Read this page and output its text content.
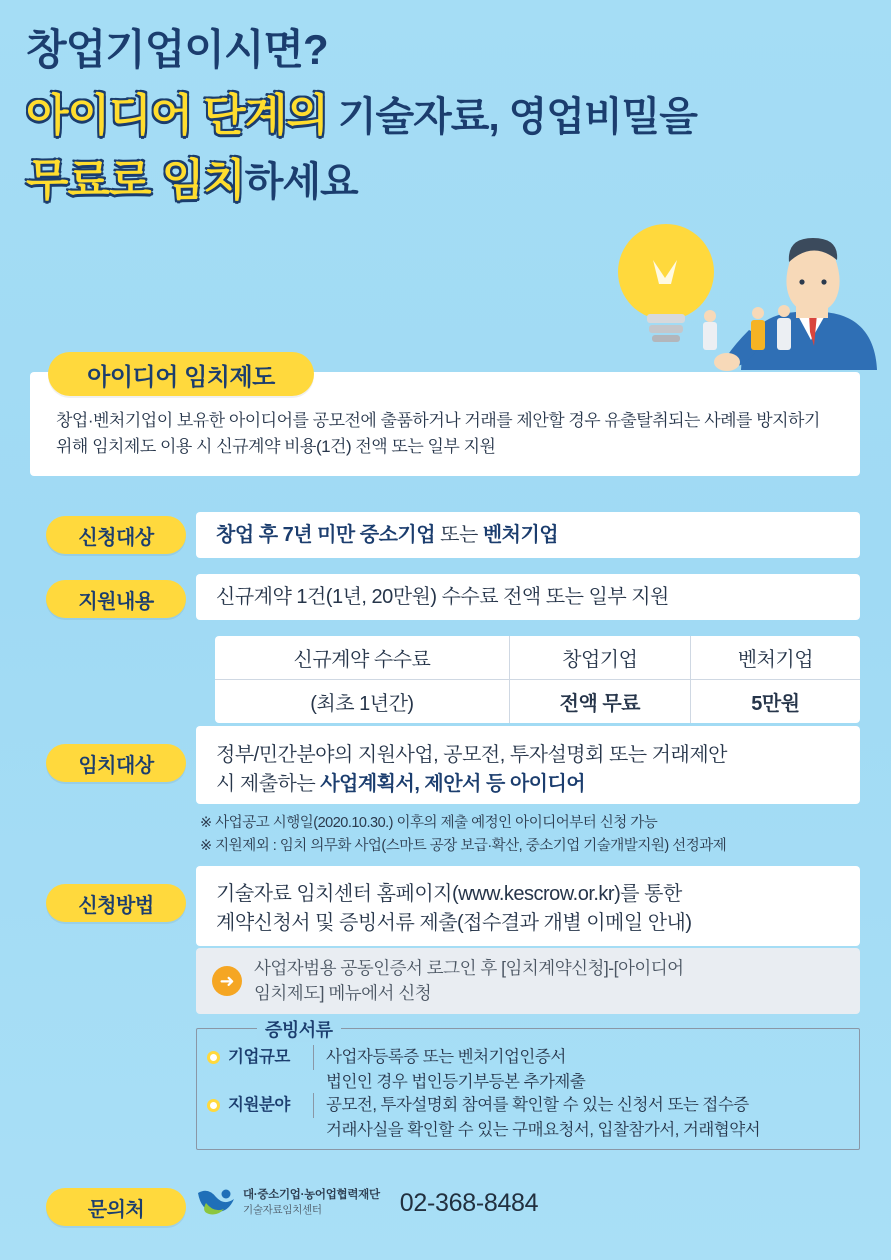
창업기업이시면?
아이디어 단계의 기술자료, 영업비밀을
무료로 임치하세요
아이디어 임치제도
창업·벤처기업이 보유한 아이디어를 공모전에 출품하거나 거래를 제안할 경우 유출탈취되는 사례를 방지하기 위해 임치제도 이용 시 신규계약 비용(1건) 전액 또는 일부 지원
신청대상	창업 후 7년 미만 중소기업 또는 벤처기업
지원내용	신규계약 1건(1년, 20만원) 수수료 전액 또는 일부 지원
신규계약 수수료	창업기업	벤처기업
(최초 1년간)	전액 무료	5만원
임치대상	정부/민간분야의 지원사업, 공모전, 투자설명회 또는 거래제안
시 제출하는 사업계획서, 제안서 등 아이디어
※ 사업공고 시행일(2020.10.30.) 이후의 제출 예정인 아이디어부터 신청 가능
※ 지원제외 : 임치 의무화 사업(스마트 공장 보급·확산, 중소기업 기술개발지원) 선정과제
신청방법
기술자료 임치센터 홈페이지(www.kescrow.or.kr)를 통한
계약신청서 및 증빙서류 제출(접수결과 개별 이메일 안내)
➜
사업자범용 공동인증서 로그인 후 [임치계약신청]-[아이디어
임치제도] 메뉴에서 신청
증빙서류
기업규모	사업자등록증 또는 벤처기업인증서
법인인 경우 법인등기부등본 추가제출
지원분야	공모전, 투자설명회 참여를 확인할 수 있는 신청서 또는 접수증
거래사실을 확인할 수 있는 구매요청서, 입찰참가서, 거래협약서
문의처
대·중소기업·농어업협력재단
기술자료임치센터	02-368-8484
